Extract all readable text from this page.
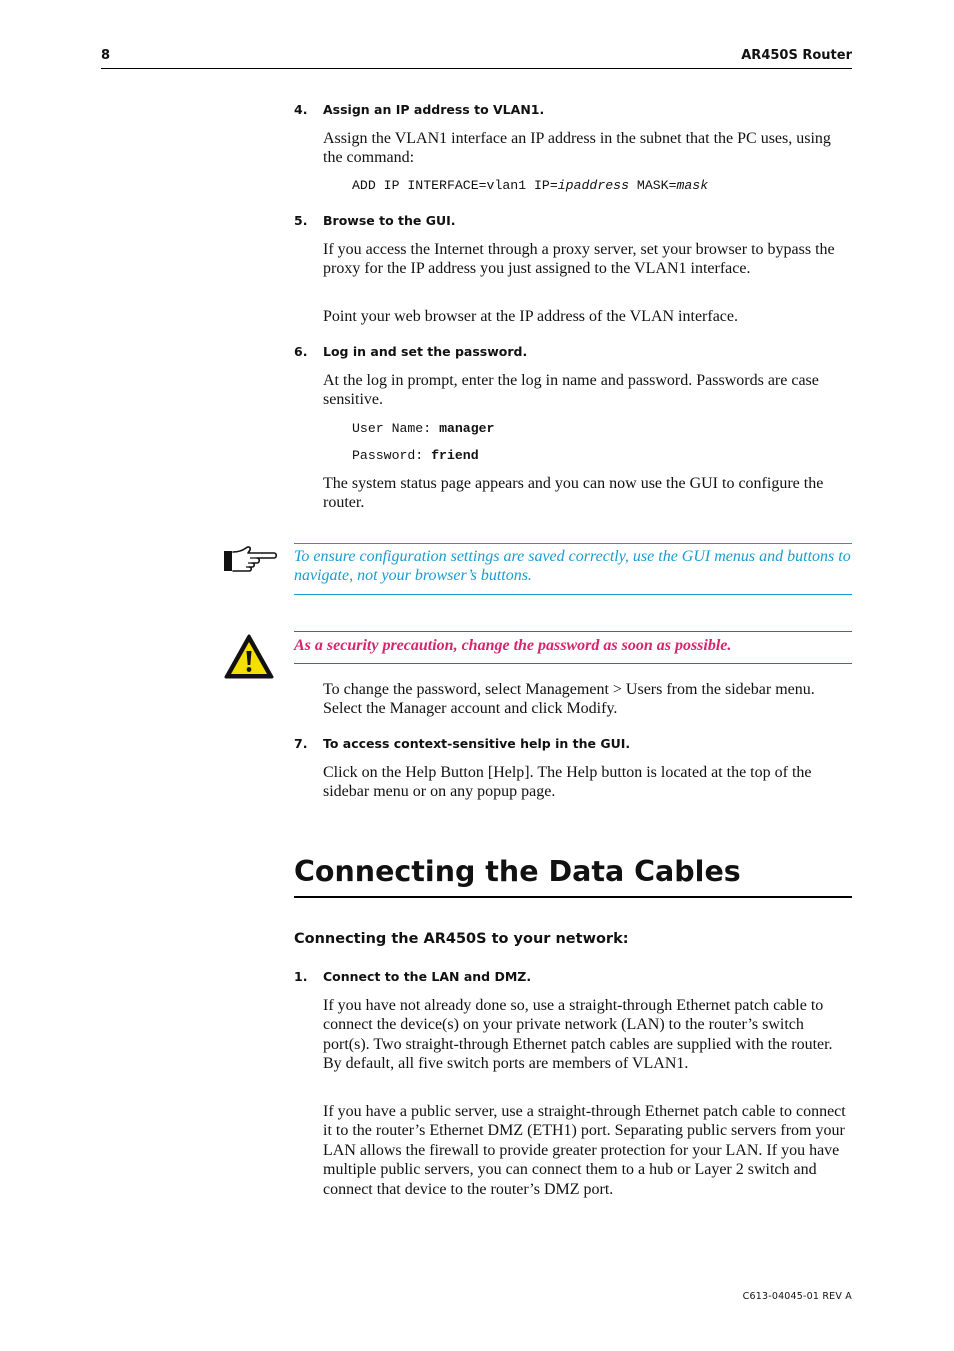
8	AR450S Router
4. Assign an IP address to VLAN1.
Assign the VLAN1 interface an IP address in the subnet that the PC uses, using the command:
ADD IP INTERFACE=vlan1 IP=ipaddress MASK=mask
5. Browse to the GUI.
If you access the Internet through a proxy server, set your browser to bypass the proxy for the IP address you just assigned to the VLAN1 interface.
Point your web browser at the IP address of the VLAN interface.
6. Log in and set the password.
At the log in prompt, enter the log in name and password. Passwords are case sensitive.
User Name: manager
Password: friend
The system status page appears and you can now use the GUI to configure the router.
To ensure configuration settings are saved correctly, use the GUI menus and buttons to navigate, not your browser’s buttons.
As a security precaution, change the password as soon as possible.
To change the password, select Management > Users from the sidebar menu. Select the Manager account and click Modify.
7. To access context-sensitive help in the GUI.
Click on the Help Button [Help]. The Help button is located at the top of the sidebar menu or on any popup page.
Connecting the Data Cables
Connecting the AR450S to your network:
1. Connect to the LAN and DMZ.
If you have not already done so, use a straight-through Ethernet patch cable to connect the device(s) on your private network (LAN) to the router’s switch port(s). Two straight-through Ethernet patch cables are supplied with the router. By default, all five switch ports are members of VLAN1.
If you have a public server, use a straight-through Ethernet patch cable to connect it to the router’s Ethernet DMZ (ETH1) port. Separating public servers from your LAN allows the firewall to provide greater protection for your LAN. If you have multiple public servers, you can connect them to a hub or Layer 2 switch and connect that device to the router’s DMZ port.
C613-04045-01 REV A
